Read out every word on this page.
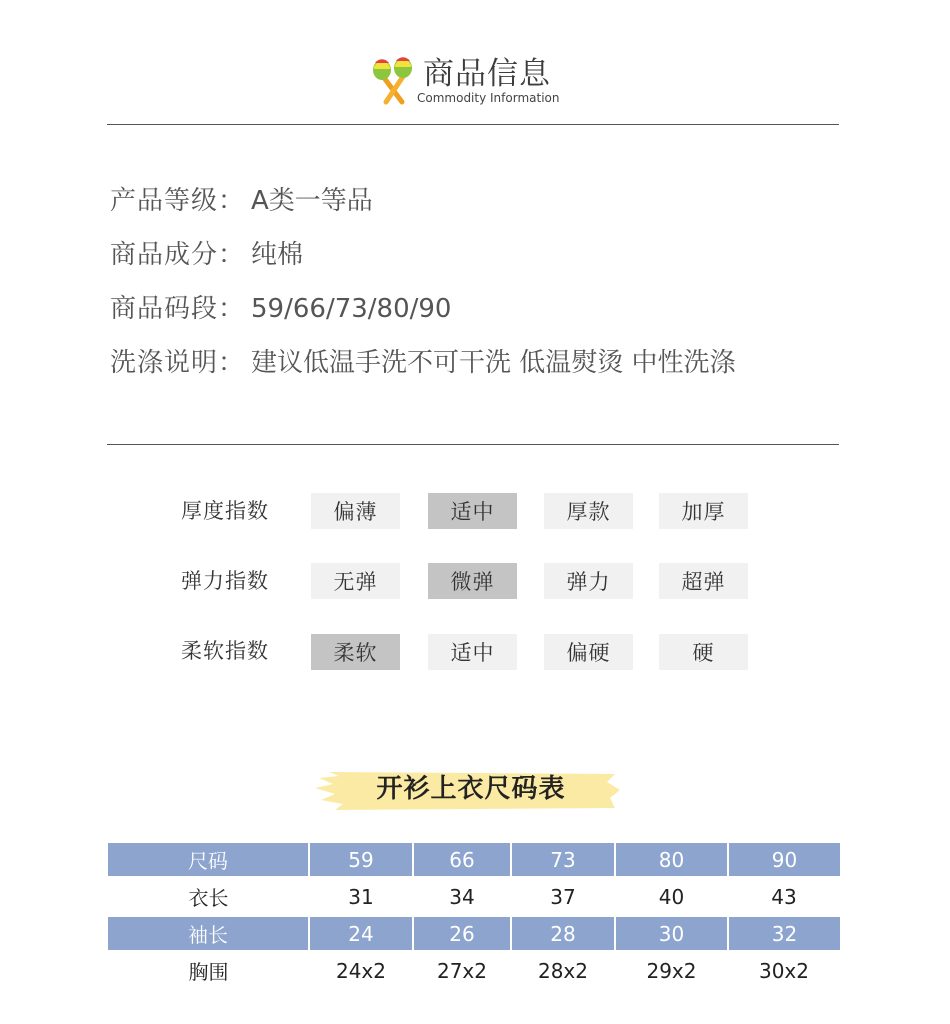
商品信息
Commodity Information
产品等级： A类一等品
商品成分： 纯棉
商品码段： 59/66/73/80/90
洗涤说明： 建议低温手洗不可干洗 低温熨烫 中性洗涤
厚度指数	偏薄	适中	厚款	加厚
弹力指数	无弹	微弹	弹力	超弹
柔软指数	柔软	适中	偏硬	硬
开衫上衣尺码表
尺码	59	66	73	80	90
衣长	31	34	37	40	43
袖长	24	26	28	30	32
胸围	24x2	27x2	28x2	29x2	30x2
